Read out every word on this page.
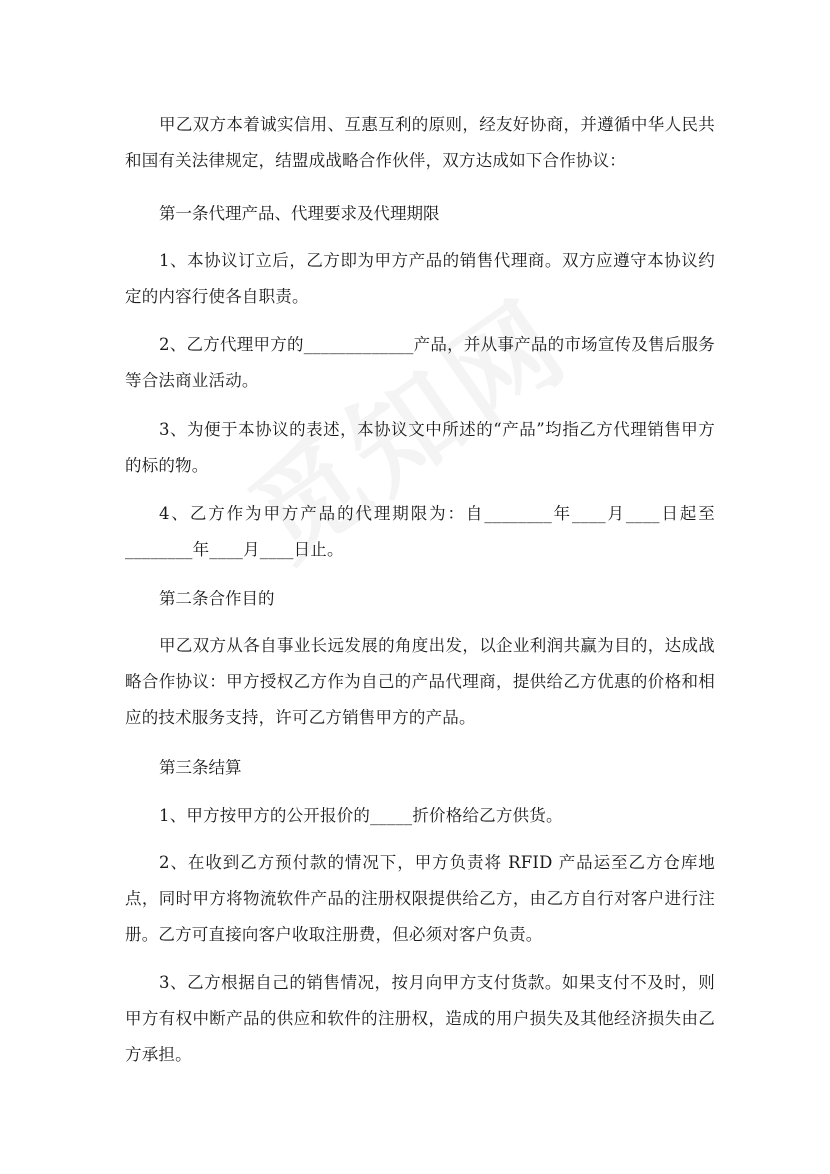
甲乙双方本着诚实信用、互惠互利的原则，经友好协商，并遵循中华人民共和国有关法律规定，结盟成战略合作伙伴，双方达成如下合作协议：

第一条代理产品、代理要求及代理期限

1、本协议订立后，乙方即为甲方产品的销售代理商。双方应遵守本协议约定的内容行使各自职责。

2、乙方代理甲方的_____________产品，并从事产品的市场宣传及售后服务等合法商业活动。

3、为便于本协议的表述，本协议文中所述的“产品”均指乙方代理销售甲方的标的物。

4、乙方作为甲方产品的代理期限为：自________年____月____日起至________年____月____日止。

第二条合作目的

甲乙双方从各自事业长远发展的角度出发，以企业利润共赢为目的，达成战略合作协议：甲方授权乙方作为自己的产品代理商，提供给乙方优惠的价格和相应的技术服务支持，许可乙方销售甲方的产品。

第三条结算

1、甲方按甲方的公开报价的_____折价格给乙方供货。

2、在收到乙方预付款的情况下，甲方负责将 RFID 产品运至乙方仓库地点，同时甲方将物流软件产品的注册权限提供给乙方，由乙方自行对客户进行注册。乙方可直接向客户收取注册费，但必须对客户负责。

3、乙方根据自己的销售情况，按月向甲方支付货款。如果支付不及时，则甲方有权中断产品的供应和软件的注册权，造成的用户损失及其他经济损失由乙方承担。
